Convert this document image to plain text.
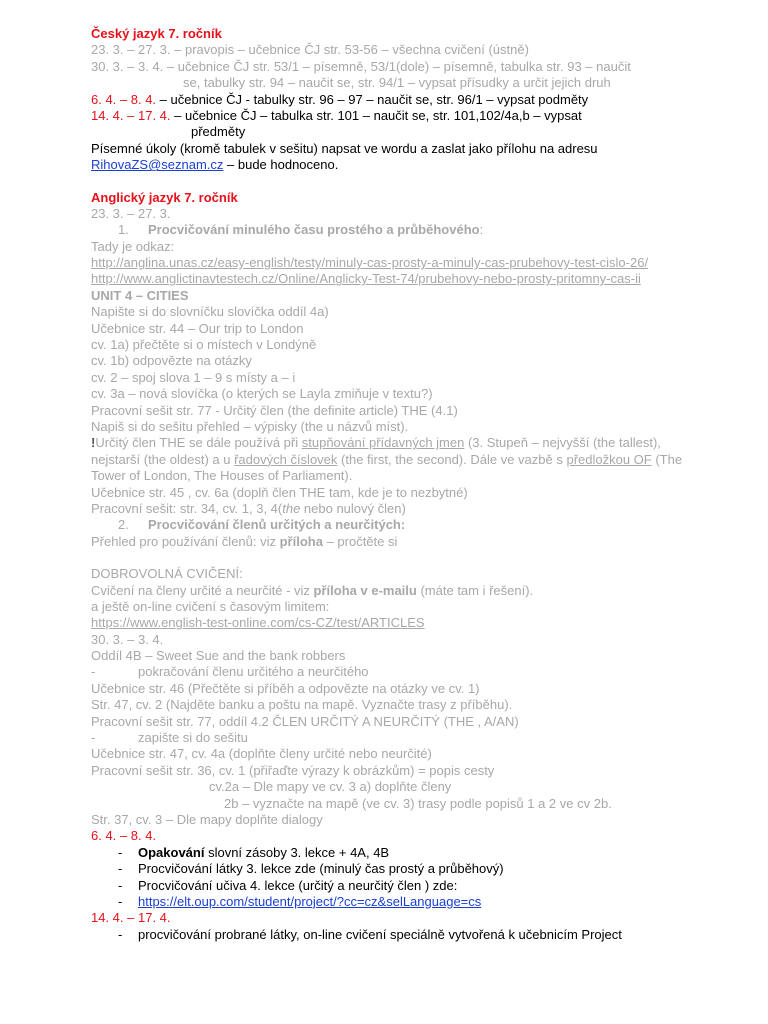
Český jazyk 7. ročník
23. 3. – 27. 3. – pravopis – učebnice ČJ str. 53-56 – všechna cvičení (ústně)
30. 3. – 3. 4. – učebnice ČJ str. 53/1 – písemně, 53/1(dole) – písemně, tabulka str. 93 – naučit
se, tabulky str. 94 – naučit se, str. 94/1 – vypsat přísudky a určit jejich druh
6. 4. – 8. 4. – učebnice ČJ - tabulky str. 96 – 97 – naučit se, str. 96/1 – vypsat podměty
14. 4. – 17. 4. – učebnice ČJ – tabulka str. 101 – naučit se, str. 101,102/4a,b – vypsat
předměty
Písemné úkoly (kromě tabulek v sešitu) napsat ve wordu a zaslat jako přílohu na adresu
RihovaZS@seznam.cz – bude hodnoceno.
Anglický jazyk 7. ročník
23. 3. – 27. 3.
1. Procvičování minulého času prostého a průběhového:
Tady je odkaz:
http://anglina.unas.cz/easy-english/testy/minuly-cas-prosty-a-minuly-cas-prubehovy-test-cislo-26/
http://www.anglictinavtestech.cz/Online/Anglicky-Test-74/prubehovy-nebo-prosty-pritomny-cas-ii
UNIT 4 – CITIES
Napište si do slovníčku slovíčka oddíl 4a)
Učebnice str. 44 – Our trip to London
cv. 1a) přečtěte si o místech v Londýně
cv. 1b) odpovězte na otázky
cv. 2 – spoj slova 1 – 9 s místy a – i
cv. 3a – nová slovíčka (o kterých se Layla zmiňuje v textu?)
Pracovní sešit str. 77 - Určitý člen (the definite article) THE (4.1)
Napiš si do sešitu přehled – výpisky (the u názvů míst).
!Určitý člen THE se dále používá při stupňování přídavných jmen (3. Stupeň – nejvyšší (the tallest),
nejstarší (the oldest) a u řadových číslovek (the first, the second). Dále ve vazbě s předložkou OF (The
Tower of London, The Houses of Parliament).
Učebnice str. 45 , cv. 6a (doplň člen THE tam, kde je to nezbytné)
Pracovní sešit: str. 34, cv. 1, 3, 4(the nebo nulový člen)
2. Procvičování členů určitých a neurčitých:
Přehled pro používání členů: viz příloha – pročtěte si
DOBROVOLNÁ CVIČENÍ:
Cvičení na členy určité a neurčité - viz příloha v e-mailu (máte tam i řešení).
a ještě on-line cvičení s časovým limitem:
https://www.english-test-online.com/cs-CZ/test/ARTICLES
30. 3. – 3. 4.
Oddíl 4B – Sweet Sue and the bank robbers
-	pokračování členu určitého a neurčitého
Učebnice str. 46 (Přečtěte si příběh a odpovězte na otázky ve cv. 1)
Str. 47, cv. 2 (Najděte banku a poštu na mapě. Vyznačte trasy z příběhu).
Pracovní sešit str. 77, oddíl 4.2 ČLEN URČITÝ A NEURČITÝ (THE , A/AN)
-	zapište si do sešitu
Učebnice str. 47, cv. 4a (doplňte členy určité nebo neurčité)
Pracovní sešit str. 36, cv. 1 (přiřaďte výrazy k obrázkům) = popis cesty
cv.2a – Dle mapy ve cv. 3 a) doplňte členy
2b – vyznačte na mapě (ve cv. 3) trasy podle popisů 1 a 2 ve cv 2b.
Str. 37, cv. 3 – Dle mapy doplňte dialogy
6. 4. – 8. 4.
- Opakování slovní zásoby 3. lekce + 4A, 4B
- Procvičování látky 3. lekce zde (minulý čas prostý a průběhový)
- Procvičování učiva 4. lekce (určitý a neurčitý člen ) zde:
- https://elt.oup.com/student/project/?cc=cz&selLanguage=cs
14. 4. – 17. 4.
- procvičování probrané látky, on-line cvičení speciálně vytvořená k učebnicím Project
